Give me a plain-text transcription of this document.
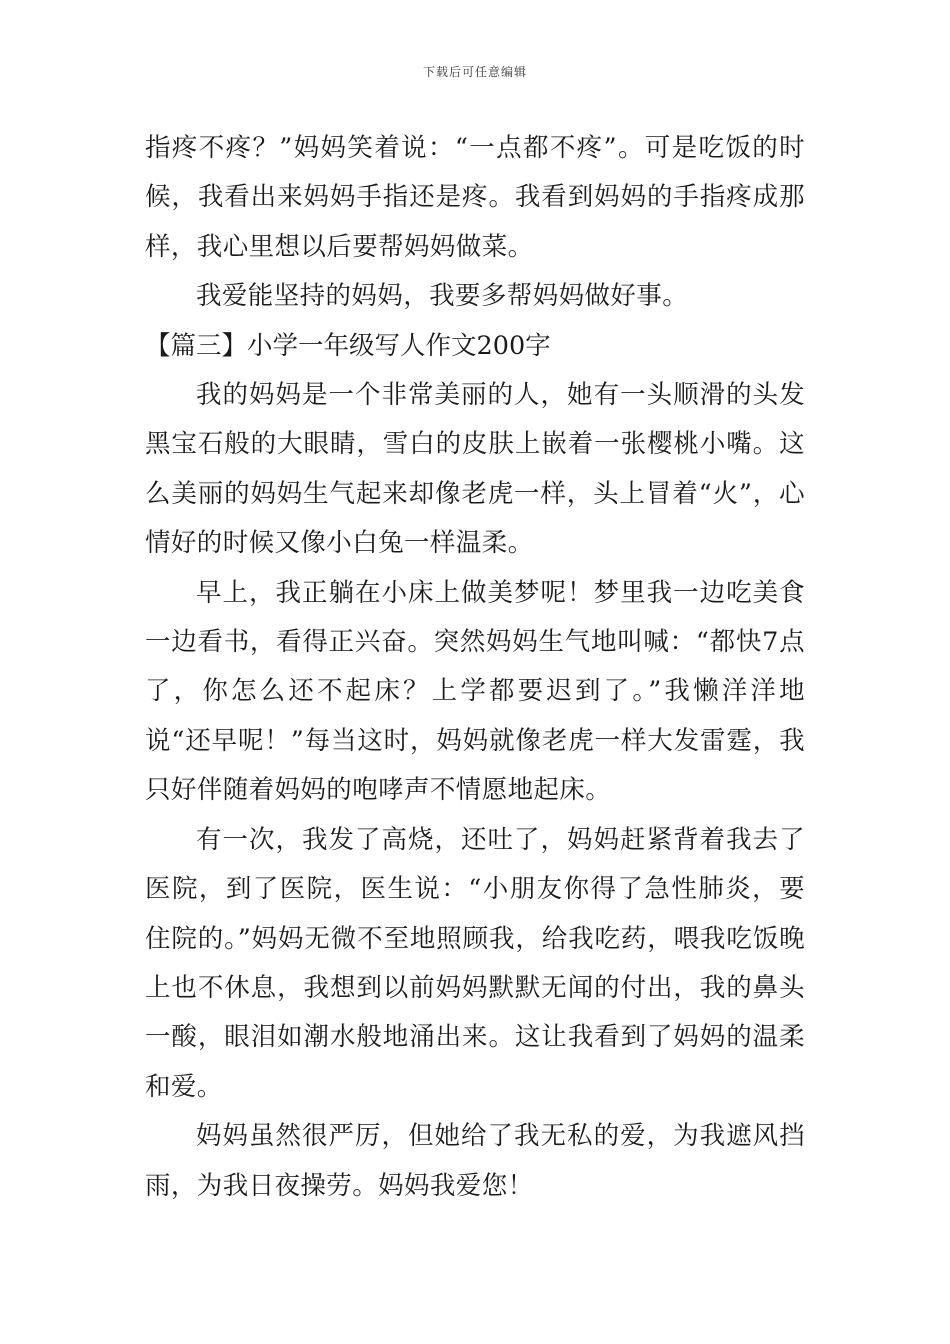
下载后可任意编辑

指疼不疼？”妈妈笑着说：“一点都不疼”。可是吃饭的时候，我看出来妈妈手指还是疼。我看到妈妈的手指疼成那样，我心里想以后要帮妈妈做菜。

我爱能坚持的妈妈，我要多帮妈妈做好事。

【篇三】小学一年级写人作文200字

我的妈妈是一个非常美丽的人，她有一头顺滑的头发黑宝石般的大眼睛，雪白的皮肤上嵌着一张樱桃小嘴。这么美丽的妈妈生气起来却像老虎一样，头上冒着“火”，心情好的时候又像小白兔一样温柔。

早上，我正躺在小床上做美梦呢！梦里我一边吃美食一边看书，看得正兴奋。突然妈妈生气地叫喊：“都快7点了，你怎么还不起床？上学都要迟到了。”我懒洋洋地说“还早呢！”每当这时，妈妈就像老虎一样大发雷霆，我只好伴随着妈妈的咆哮声不情愿地起床。

有一次，我发了高烧，还吐了，妈妈赶紧背着我去了医院，到了医院，医生说：“小朋友你得了急性肺炎，要住院的。”妈妈无微不至地照顾我，给我吃药，喂我吃饭晚上也不休息，我想到以前妈妈默默无闻的付出，我的鼻头一酸，眼泪如潮水般地涌出来。这让我看到了妈妈的温柔和爱。

妈妈虽然很严厉，但她给了我无私的爱，为我遮风挡雨，为我日夜操劳。妈妈我爱您！
